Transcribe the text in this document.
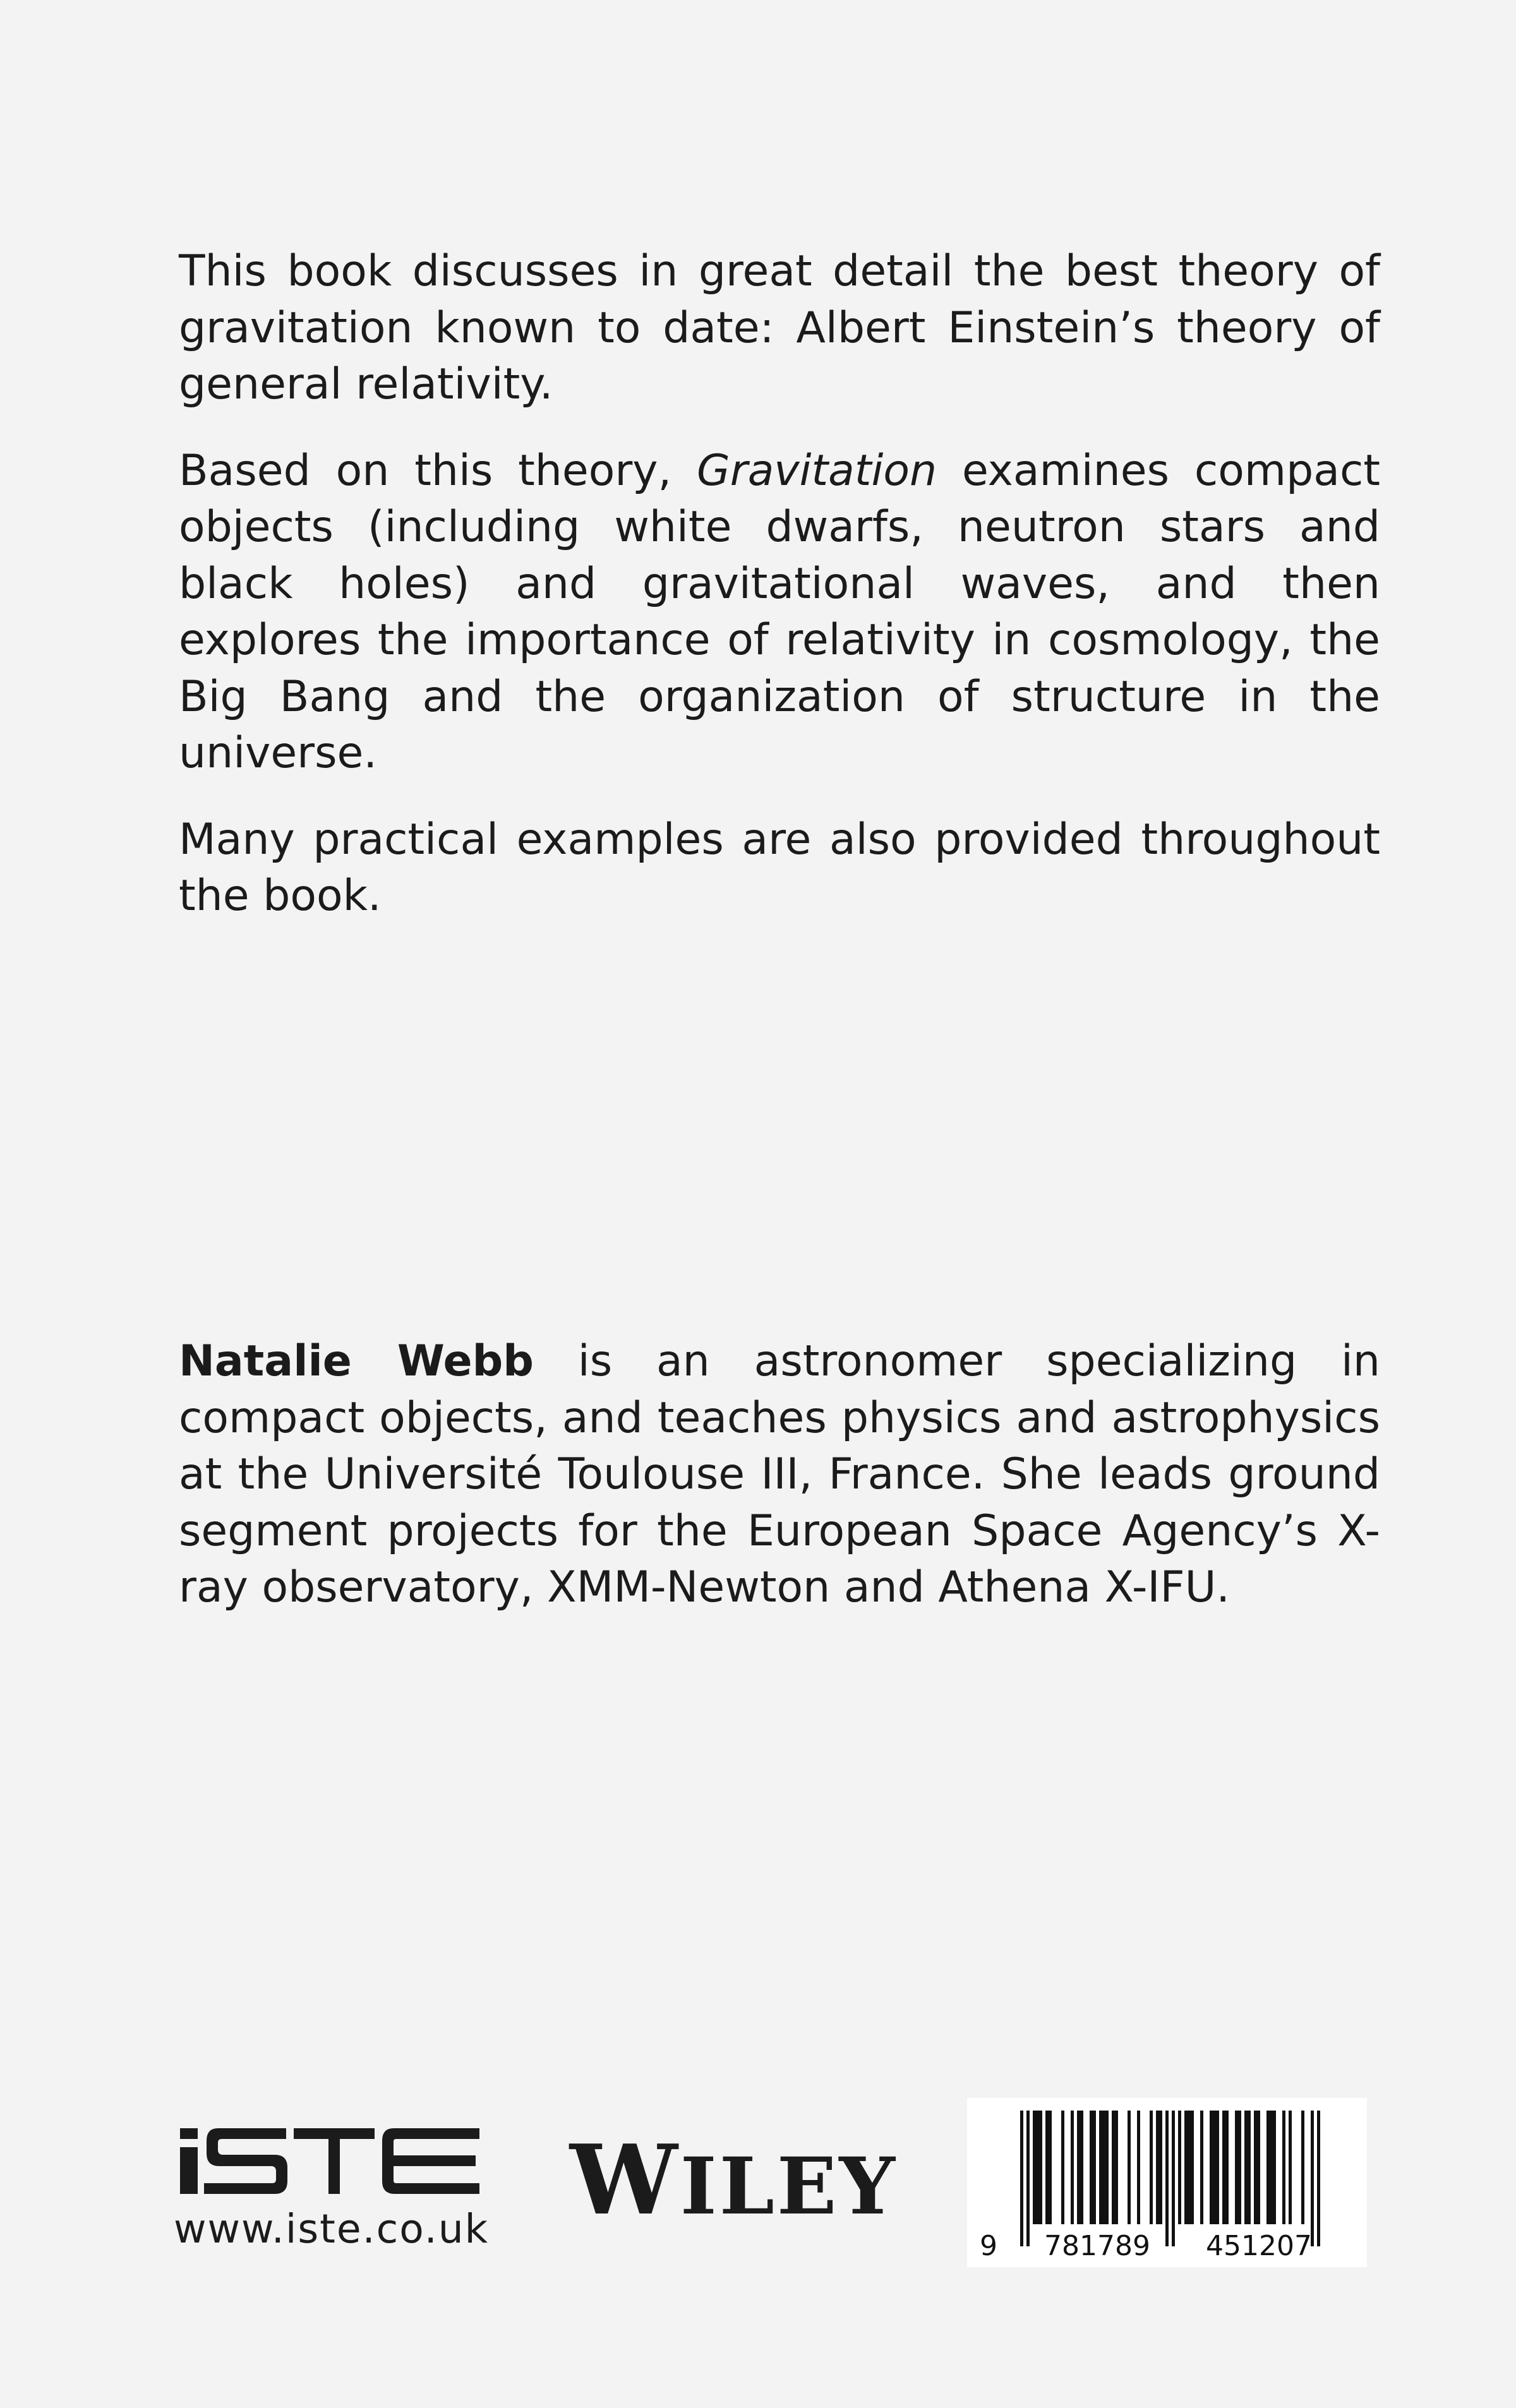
This book discusses in great detail the best theory of gravitation known to date: Albert Einstein’s theory of general relativity.

Based on this theory, Gravitation examines compact objects (including white dwarfs, neutron stars and black holes) and gravitational waves, and then explores the importance of relativity in cosmology, the Big Bang and the organization of structure in the universe.

Many practical examples are also provided throughout the book.

Natalie Webb is an astronomer specializing in compact objects, and teaches physics and astrophysics at the Université Toulouse III, France. She leads ground segment projects for the European Space Agency’s X-ray observatory, XMM-Newton and Athena X-IFU.

www.iste.co.uk WILEY
9 781789 451207
